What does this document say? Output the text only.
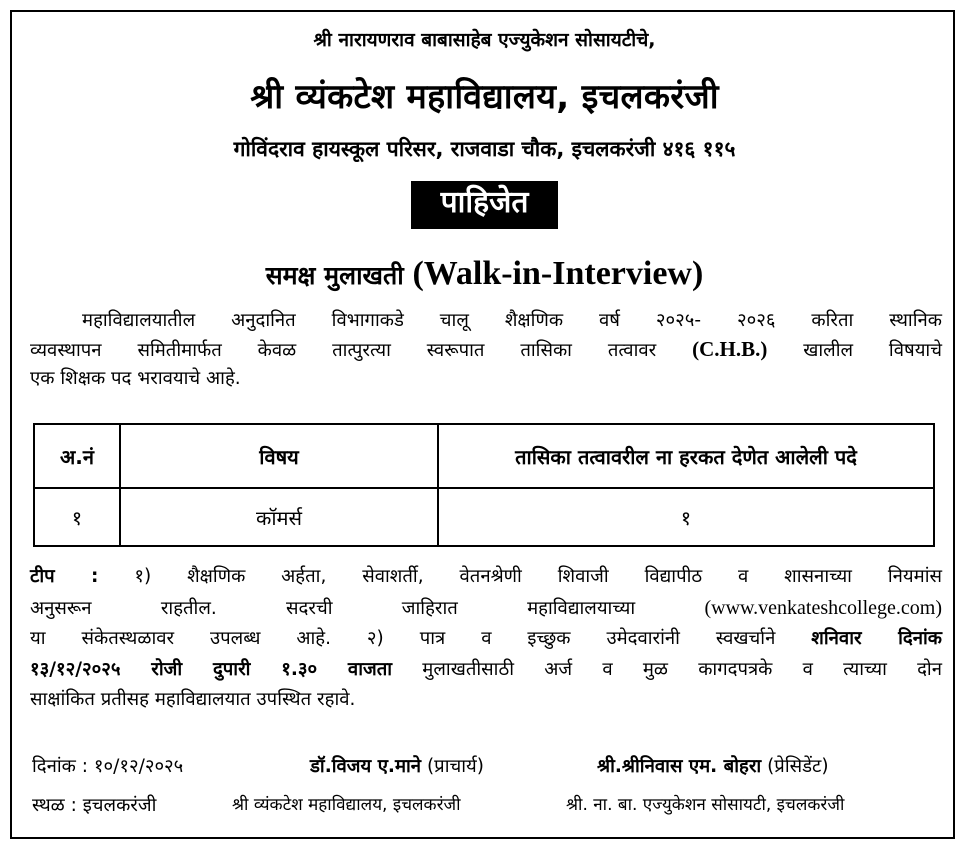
श्री नारायणराव बाबासाहेब एज्युकेशन सोसायटीचे,
श्री व्यंकटेश महाविद्यालय, इचलकरंजी
गोविंदराव हायस्कूल परिसर, राजवाडा चौक, इचलकरंजी ४१६ ११५
पाहिजेत
समक्ष मुलाखती (Walk-in-Interview)
महाविद्यालयातील अनुदानित विभागाकडे चालू शैक्षणिक वर्ष २०२५- २०२६ करिता स्थानिक
व्यवस्थापन समितीमार्फत केवळ तात्पुरत्या स्वरूपात तासिका तत्वावर (C.H.B.) खालील विषयाचे
एक शिक्षक पद भरावयाचे आहे.
अ.नं	विषय	तासिका तत्वावरील ना हरकत देणेत आलेली पदे
१	कॉमर्स	१
टीप : १) शैक्षणिक अर्हता, सेवाशर्ती, वेतनश्रेणी शिवाजी विद्यापीठ व शासनाच्या नियमांस
अनुसरून राहतील. सदरची जाहिरात महाविद्यालयाच्या	(www.venkateshcollege.com)
या संकेतस्थळावर उपलब्ध आहे. २) पात्र व इच्छुक उमेदवारांनी स्वखर्चाने शनिवार दिनांक
१३/१२/२०२५ रोजी दुपारी १.३० वाजता मुलाखतीसाठी अर्ज व मुळ कागदपत्रके व त्याच्या दोन
साक्षांकित प्रतीसह महाविद्यालयात उपस्थित रहावे.
दिनांक : १०/१२/२०२५	डॉ.विजय ए.माने (प्राचार्य)	श्री.श्रीनिवास एम. बोहरा (प्रेसिडेंट)
स्थळ : इचलकरंजी	श्री व्यंकटेश महाविद्यालय, इचलकरंजी	श्री. ना. बा. एज्युकेशन सोसायटी, इचलकरंजी
